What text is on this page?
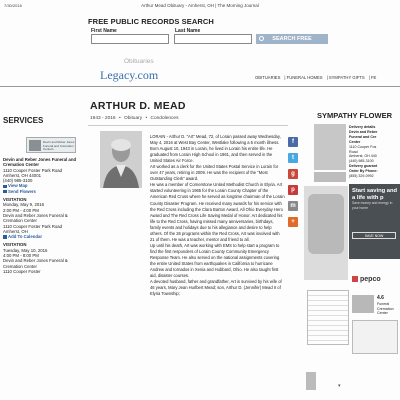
7/30/2016	Arthur Mead Obituary - Amherst, OH | The Morning Journal
FREE PUBLIC RECORDS SEARCH
First Name	Last Name
SEARCH FREE
Obituaries
Legacy.com	OBITUARIES | FUNERAL HOMES | SYMPATHY GIFTS | FE
SERVICES
Devin and Reber Jones Funeral and Cremation Centers
Devin and Reber Jones Funeral and Cremation Center
1110 Cooper Foster Park Road
Amherst, OH 44001
(440) 985-3100
View Map
Send Flowers
VISITATION
Monday, May 9, 2016
2:00 PM - 4:00 PM
Devin and Reber Jones Funeral & Cremation Center
1110 Cooper Foster Park Road
Amherst, OH
Add To Calendar
VISITATION
Tuesday, May 10, 2016
4:00 PM - 8:00 PM
Devin and Reber Jones Funeral & Cremation Center
1110 Cooper Foster
ARTHUR D. MEAD
1943 - 2016 • Obituary • Condolences

LORAIN - Arthur D. "Art" Mead, 72, of Lorain passed away Wednesday, May 4, 2016 at West Bay Center, Westlake following a 5 month illness.

Born August 10, 1943 in Lorain, he lived in Lorain his entire life. He graduated from Lorain High School in 1961, and then served in the United States Air Force.

Art worked as a clerk for the United States Postal Service in Lorain for over 47 years, retiring in 2009. He was the recipient of the "Most Outstanding Clerk" award.

He was a member of Cornerstone United Methodist Church in Elyria. Art started volunteering in 1965 for the Lorain County Chapter of the American Red Cross where he served as longtime chairman of the Lorain County Disaster Program. He received many awards for his service with the Red Cross including the Clara Barton Award, All Ohio Everyday Hero Award and The Red Cross Life Saving Medal of Honor. Art dedicated his life to the Red Cross, having missed many anniversaries, birthdays, family events and holidays due to his allegiance and desire to help others. Of the 26 programs within the Red Cross, Art was involved with 21 of them. He was a teacher, mentor and friend to all.

Up until his death, Art was working with EMS to help start a program to find the first responders of Lorain County Community Emergency Response Team. He also served on the national assignments covering the entire United States from earthquakes in California to hurricane Andrew and tornados in Xenia and Hubbard, Ohio. He also taught first aid, disaster courses.

A devoted husband, father and grandfather, Art is survived by his wife of 46 years, Mary Jean Hurlbert Mead; son, Arthur D. (Jennifer) Mead II of Elyria Township;

f
t
g
p
m
+
SYMPATHY FLOWER
Delivery details
Devin and Reber
Funeral and Cre
Center
1110 Cooper Fos
Road
Amherst, OH 440
(440) 985-3100
Delivery guarant
Order By Phone:
(855) 329-0992
Start saving and a life with p
Save money and energy in your home
SAVE NOW
pepco
4.6
Funeral Cremation Center
▾
